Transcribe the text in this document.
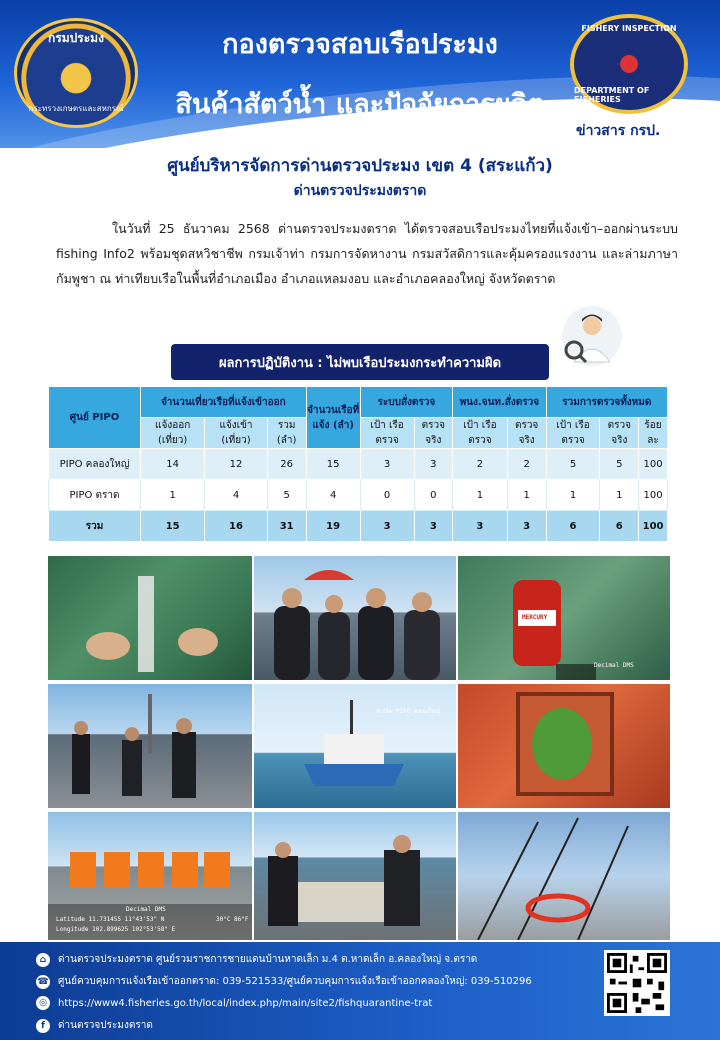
กรมประมง
กระทรวงเกษตรและสหกรณ์
กองตรวจสอบเรือประมง
สินค้าสัตว์น้ำ และปัจจัยการผลิต
FISHERY INSPECTION
DEPARTMENT OF FISHERIES
ข่าวสาร กรป.
ศูนย์บริหารจัดการด่านตรวจประมง เขต 4 (สระแก้ว)
ด่านตรวจประมงตราด
ในวันที่ 25 ธันวาคม 2568 ด่านตรวจประมงตราด ได้ตรวจสอบเรือประมงไทยที่แจ้งเข้า–ออกผ่านระบบ fishing Info2 พร้อมชุดสหวิชาชีพ กรมเจ้าท่า กรมการจัดหางาน กรมสวัสดิการและคุ้มครองแรงงาน และล่ามภาษากัมพูชา ณ ท่าเทียบเรือในพื้นที่อำเภอเมือง อำเภอแหลมงอบ และอำเภอคลองใหญ่ จังหวัดตราด
ผลการปฏิบัติงาน : ไม่พบเรือประมงกระทำความผิด
ศูนย์ PIPO	จำนวนเที่ยวเรือที่แจ้งเข้าออก			จำนวนเรือที่แจ้ง (ลำ)	ระบบสั่งตรวจ		พนง.จนท.สั่งตรวจ		รวมการตรวจทั้งหมด		
	แจ้งออก (เที่ยว)	แจ้งเข้า (เที่ยว)	รวม (ลำ)		เป้า เรือตรวจ	ตรวจจริง	เป้า เรือตรวจ	ตรวจจริง	เป้า เรือตรวจ	ตรวจจริง	ร้อยละ
PIPO คลองใหญ่	14	12	26	15	3	3	2	2	5	5	100
PIPO ตราด	1	4	5	4	0	0	1	1	1	1	100
รวม	15	16	31	19	3	3	3	3	6	6	100
MERCURY
Decimal DMS
ท่าเรือ PIPO คลองใหญ่
Decimal DMS
Latitude 11.731455 11°43'53" N
Longitude 102.899625 102°53'58" E
30°C 86°F
⌂	ด่านตรวจประมงตราด ศูนย์รวมราชการชายแดนบ้านหาดเล็ก ม.4 ต.หาดเล็ก อ.คลองใหญ่ จ.ตราด
☎ ศูนย์ควบคุมการแจ้งเรือเข้าออกตราด: 039-521533/ศูนย์ควบคุมการแจ้งเรือเข้าออกคลองใหญ่: 039-510296
◎	https://www4.fisheries.go.th/local/index.php/main/site2/fishquarantine-trat
f	ด่านตรวจประมงตราด
